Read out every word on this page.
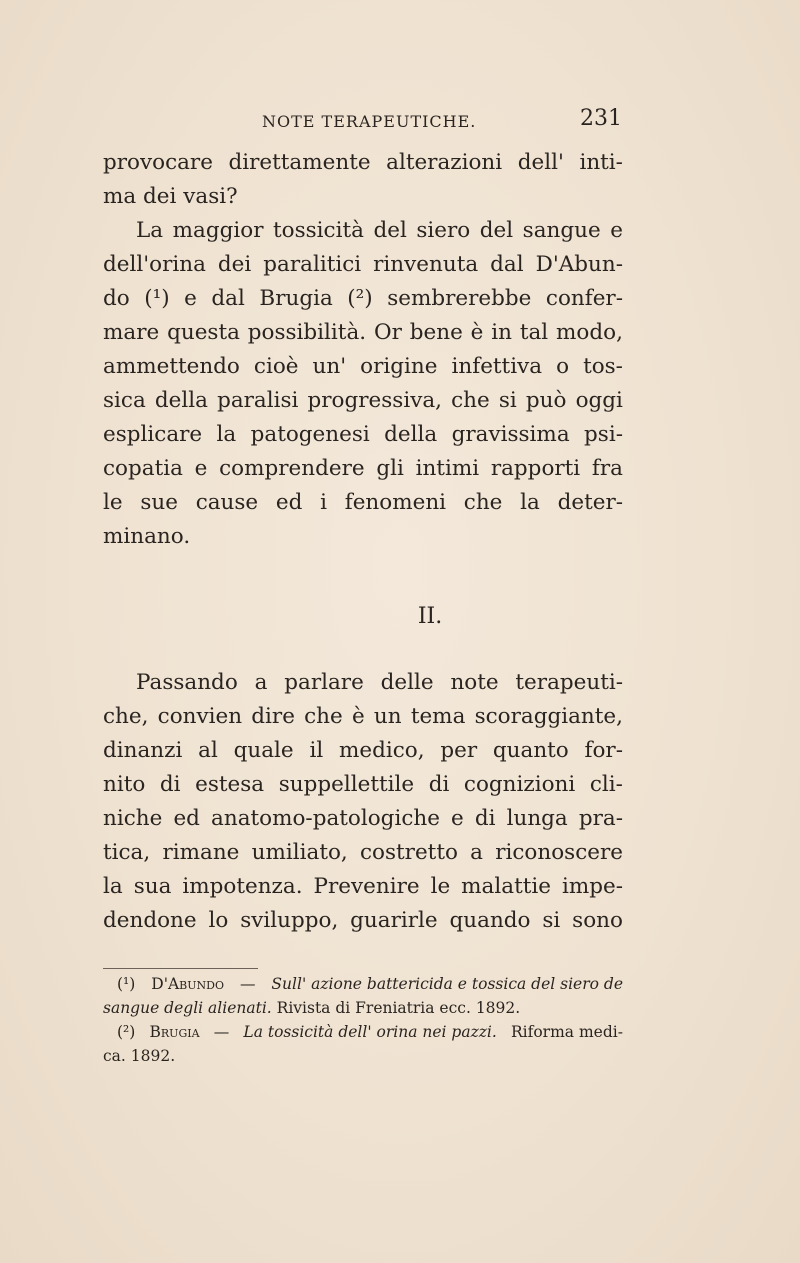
NOTE TERAPEUTICHE.	231
provocare direttamente alterazioni dell' inti-
ma dei vasi?
La maggior tossicità del siero del sangue e
dell'orina dei paralitici rinvenuta dal D'Abun-
do (¹) e dal Brugia (²) sembrerebbe confer-
mare questa possibilità. Or bene è in tal modo,
ammettendo cioè un' origine infettiva o tos-
sica della paralisi progressiva, che si può oggi
esplicare la patogenesi della gravissima psi-
copatia e comprendere gli intimi rapporti fra
le sue cause ed i fenomeni che la deter-
minano.
II.
Passando a parlare delle note terapeuti-
che, convien dire che è un tema scoraggiante,
dinanzi al quale il medico, per quanto for-
nito di estesa suppellettile di cognizioni cli-
niche ed anatomo-patologiche e di lunga pra-
tica, rimane umiliato, costretto a riconoscere
la sua impotenza. Prevenire le malattie impe-
dendone lo sviluppo, guarirle quando si sono
(¹) D'Abundo — Sull' azione battericida e tossica del siero de
sangue degli alienati.
Rivista di Freniatria ecc. 1892.
(²) Brugia — La tossicità dell' orina nei pazzi. Riforma medi-
ca. 1892.
